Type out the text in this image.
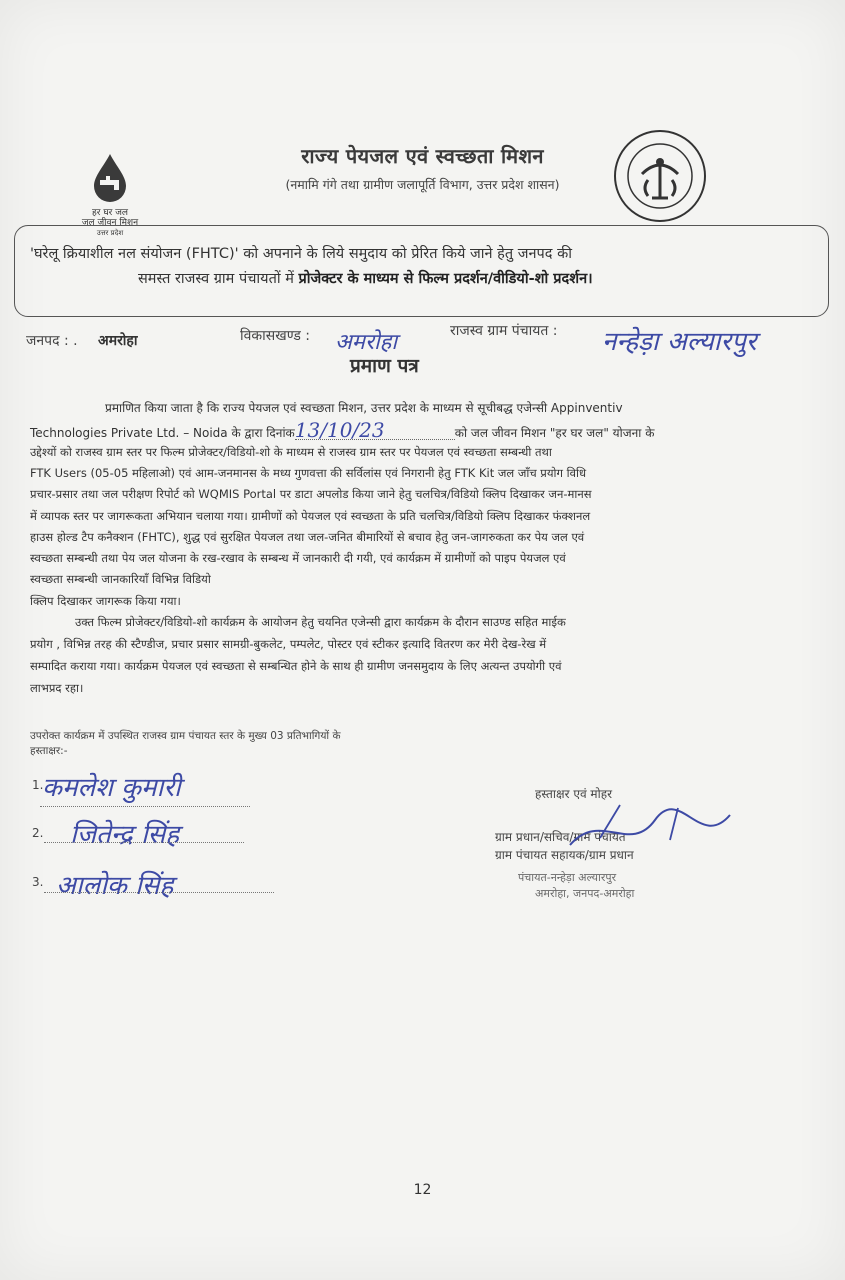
हर घर जल
जल जीवन मिशन
उत्तर प्रदेश
राज्य पेयजल एवं स्वच्छता मिशन
(नमामि गंगे तथा ग्रामीण जलापूर्ति विभाग, उत्तर प्रदेश शासन)
'घरेलू क्रियाशील नल संयोजन (FHTC)' को अपनाने के लिये समुदाय को प्रेरित किये जाने हेतु जनपद की
समस्त राजस्व ग्राम पंचायतों में प्रोजेक्टर के माध्यम से फिल्म प्रदर्शन/वीडियो-शो प्रदर्शन।
जनपद : . अमरोहा	विकासखण्ड : अमरोहा	राजस्व ग्राम पंचायत : नन्हेड़ा अल्यारपुर
प्रमाण पत्र
प्रमाणित किया जाता है कि राज्य पेयजल एवं स्वच्छता मिशन, उत्तर प्रदेश के माध्यम से सूचीबद्ध एजेन्सी Appinventiv
Technologies Private Ltd. – Noida के द्वारा दिनांक13/10/23	को जल जीवन मिशन "हर घर जल" योजना के
उद्देश्यों को राजस्व ग्राम स्तर पर फिल्म प्रोजेक्टर/विडियो-शो के माध्यम से राजस्व ग्राम स्तर पर पेयजल एवं स्वच्छता सम्बन्धी तथा
FTK Users (05-05 महिलाओ) एवं आम-जनमानस के मध्य गुणवत्ता की सर्विलांस एवं निगरानी हेतु FTK Kit जल जाँच प्रयोग विधि
प्रचार-प्रसार तथा जल परीक्षण रिपोर्ट को WQMIS Portal पर डाटा अपलोड किया जाने हेतु चलचित्र/विडियो क्लिप दिखाकर जन-मानस
में व्यापक स्तर पर जागरूकता अभियान चलाया गया। ग्रामीणों को पेयजल एवं स्वच्छता के प्रति चलचित्र/विडियो क्लिप दिखाकर फंक्शनल
हाउस होल्ड टैप कनैक्शन (FHTC), शुद्ध एवं सुरक्षित पेयजल तथा जल-जनित बीमारियों से बचाव हेतु जन-जागरुकता कर पेय जल एवं
स्वच्छता सम्बन्धी तथा पेय जल योजना के रख-रखाव के सम्बन्ध में जानकारी दी गयी, एवं कार्यक्रम में ग्रामीणों को पाइप पेयजल एवं
स्वच्छता सम्बन्धी जानकारियाँ विभिन्न विडियो
क्लिप दिखाकर जागरूक किया गया।
उक्त फिल्म प्रोजेक्टर/विडियो-शो कार्यक्रम के आयोजन हेतु चयनित एजेन्सी द्वारा कार्यक्रम के दौरान साउण्ड सहित माईक
प्रयोग , विभिन्न तरह की स्टैण्डीज, प्रचार प्रसार सामग्री-बुकलेट, पम्पलेट, पोस्टर एवं स्टीकर इत्यादि वितरण कर मेरी देख-रेख में
सम्पादित कराया गया। कार्यक्रम पेयजल एवं स्वच्छता से सम्बन्धित होने के साथ ही ग्रामीण जनसमुदाय के लिए अत्यन्त उपयोगी एवं
लाभप्रद रहा।
उपरोक्त कार्यक्रम में उपस्थित राजस्व ग्राम पंचायत स्तर के मुख्य 03 प्रतिभागियों के
हस्ताक्षर:-
1.
कमलेश कुमारी
2. जितेन्द्र सिंह
3. आलोक सिंह
हस्ताक्षर एवं मोहर
ग्राम प्रधान/सचिव/ग्राम पंचायत
ग्राम पंचायत सहायक/ग्राम प्रधान
पंचायत-नन्हेड़ा अल्यारपुर
अमरोहा, जनपद-अमरोहा
12
